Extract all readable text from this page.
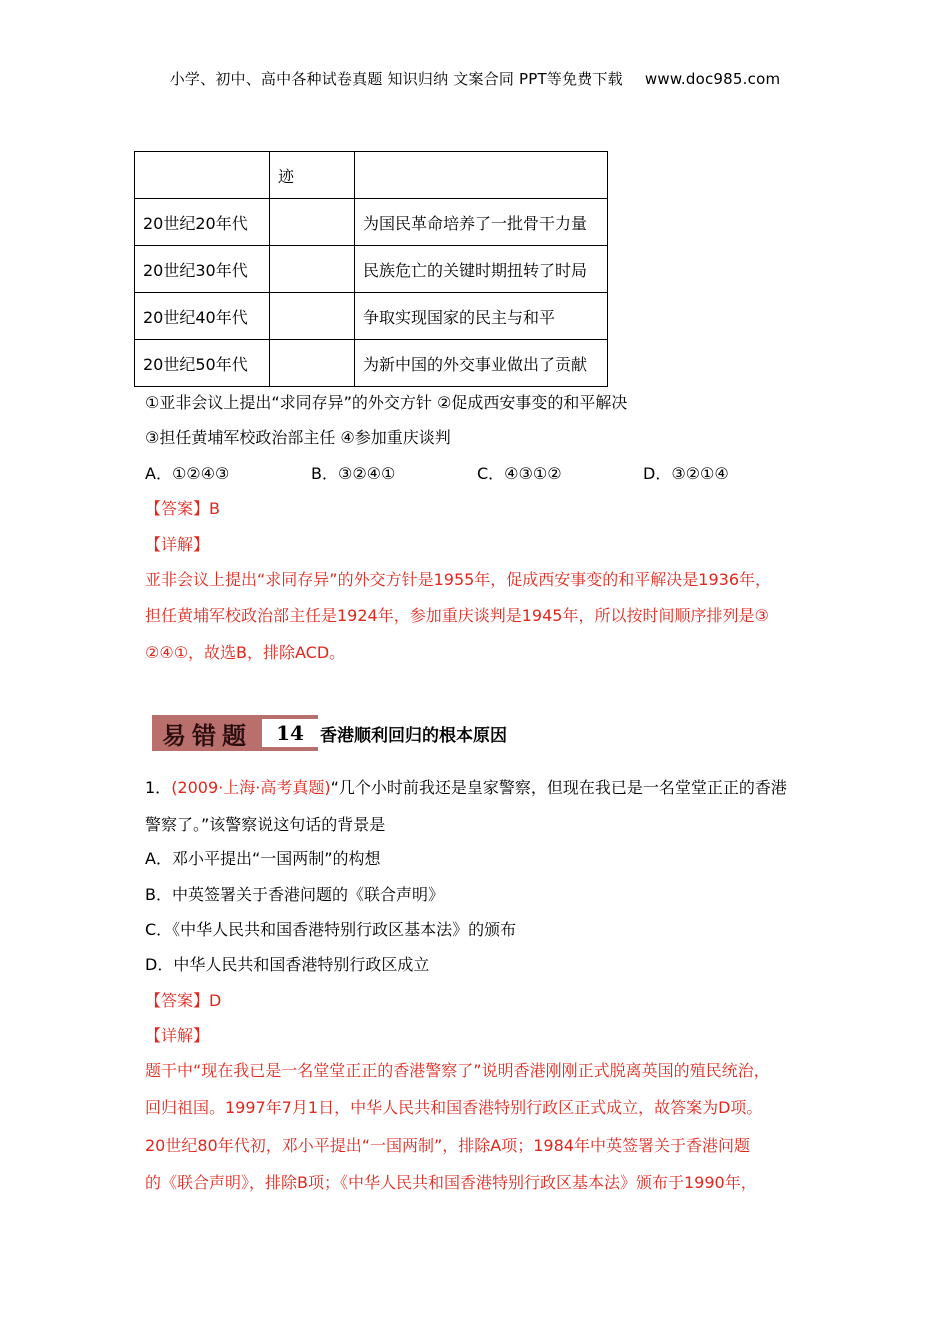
小学、初中、高中各种试卷真题 知识归纳 文案合同 PPT等免费下载 www.doc985.com
	迹	
20世纪20年代		为国民革命培养了一批骨干力量
20世纪30年代		民族危亡的关键时期扭转了时局
20世纪40年代		争取实现国家的民主与和平
20世纪50年代		为新中国的外交事业做出了贡献
①亚非会议上提出“求同存异”的外交方针 ②促成西安事变的和平解决
③担任黄埔军校政治部主任 ④参加重庆谈判
A．①②④③	B．③②④①	C．④③①②	D．③②①④
【答案】B
【详解】
亚非会议上提出“求同存异”的外交方针是1955年，促成西安事变的和平解决是1936年，
担任黄埔军校政治部主任是1924年，参加重庆谈判是1945年，所以按时间顺序排列是③
②④①，故选B，排除ACD。
易错题	14 香港顺利回归的根本原因
1．(2009·上海·高考真题)“几个小时前我还是皇家警察，但现在我已是一名堂堂正正的香港
警察了。”该警察说这句话的背景是
A．邓小平提出“一国两制”的构想
B．中英签署关于香港问题的《联合声明》
C．《中华人民共和国香港特别行政区基本法》的颁布
D．中华人民共和国香港特别行政区成立
【答案】D
【详解】
题干中“现在我已是一名堂堂正正的香港警察了”说明香港刚刚正式脱离英国的殖民统治，
回归祖国。1997年7月1日，中华人民共和国香港特别行政区正式成立，故答案为D项。
20世纪80年代初，邓小平提出“一国两制”，排除A项；1984年中英签署关于香港问题
的《联合声明》，排除B项；《中华人民共和国香港特别行政区基本法》颁布于1990年，
